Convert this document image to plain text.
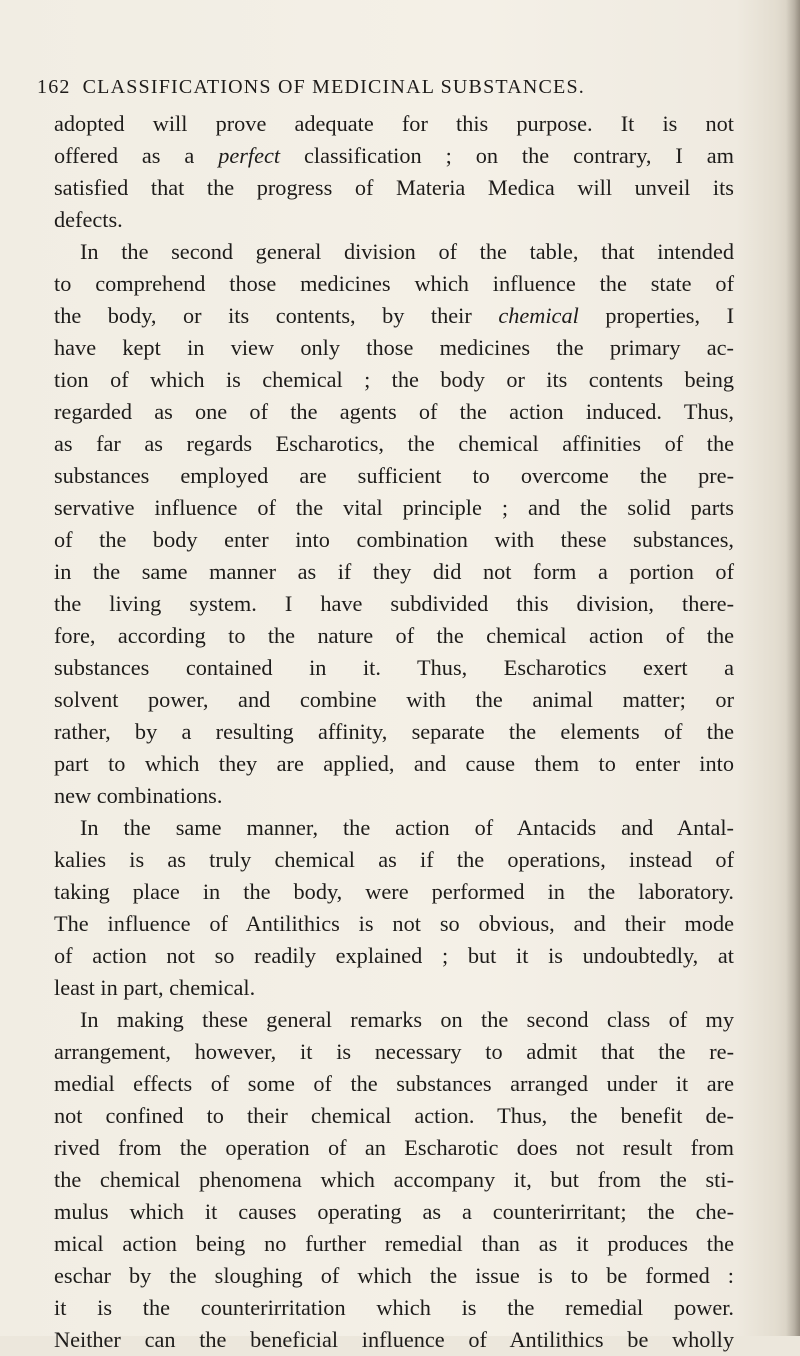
162 CLASSIFICATIONS OF MEDICINAL SUBSTANCES.
adopted will prove adequate for this purpose. It is not
offered as a perfect classification ; on the contrary, I am
satisfied that the progress of Materia Medica will unveil its
defects.
In the second general division of the table, that intended
to comprehend those medicines which influence the state of
the body, or its contents, by their chemical properties, I
have kept in view only those medicines the primary ac-
tion of which is chemical ; the body or its contents being
regarded as one of the agents of the action induced. Thus,
as far as regards Escharotics, the chemical affinities of the
substances employed are sufficient to overcome the pre-
servative influence of the vital principle ; and the solid parts
of the body enter into combination with these substances,
in the same manner as if they did not form a portion of
the living system. I have subdivided this division, there-
fore, according to the nature of the chemical action of the
substances contained in it. Thus, Escharotics exert a
solvent power, and combine with the animal matter; or
rather, by a resulting affinity, separate the elements of the
part to which they are applied, and cause them to enter into
new combinations.
In the same manner, the action of Antacids and Antal-
kalies is as truly chemical as if the operations, instead of
taking place in the body, were performed in the laboratory.
The influence of Antilithics is not so obvious, and their mode
of action not so readily explained ; but it is undoubtedly, at
least in part, chemical.
In making these general remarks on the second class of my
arrangement, however, it is necessary to admit that the re-
medial effects of some of the substances arranged under it are
not confined to their chemical action. Thus, the benefit de-
rived from the operation of an Escharotic does not result from
the chemical phenomena which accompany it, but from the sti-
mulus which it causes operating as a counterirritant; the che-
mical action being no further remedial than as it produces the
eschar by the sloughing of which the issue is to be formed :
it is the counterirritation which is the remedial power.
Neither can the beneficial influence of Antilithics be wholly
